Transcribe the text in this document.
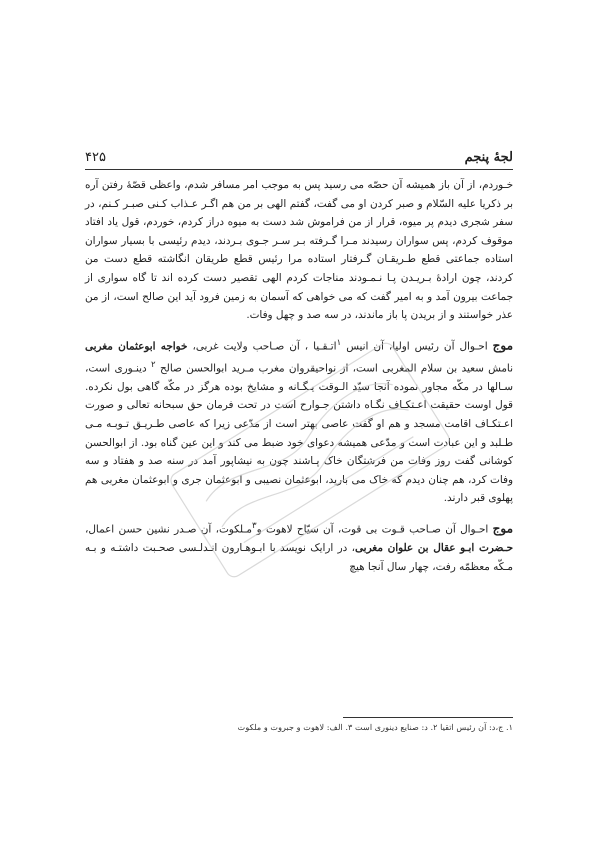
لجۀ پنجم
۴۲۵

خـوردم، از آن باز همیشه آن حصّه می رسید پس به موجب امر مسافر شدم، واعظی قصّهٔ رفتن آره بر ذکریا علیه السّلام و صبر کردن او می گفت، گفتم الهی بر من هم اگـر عـذاب کـنی صبـر کـنم، در سفر شجری دیدم پر میوه، قرار از من فراموش شد دست به میوه دراز کردم، خوردم، قول یاد افتاد موقوف کردم، پس سواران رسیدند مـرا گـرفته بـر سـر جـوی بـردند، دیدم رئیسی با بسیار سواران استاده جماعتی قطع طـریقـان گـرفتار استاده مرا رئیس قطع طریقان انگاشته قطع دست من کردند، چون ارادهٔ بـریـدن پـا نـمـودند مناجات کردم الهی تقصیر دست کرده اند تا گاه سواری از جماعت بیرون آمد و به امیر گفت که می خواهی که آسمان به زمین فرود آید این صالح است، از من عذر خواستند و از بریدن پا باز ماندند، در سه صد و چهل وفات.

موج احـوال آن رئیس اولیا، آن انیس $^۱$اتـقـیا ، آن صـاحب ولایت غربی، خواجه ابوعثمان مغربی نامش سعید بن سلام المغربی است، از نواحیقروان مغرب مـرید ابوالحسن صالح $^۲$ دینـوری است، سـالها در مکّه مجاور نموده آنجا سیّد الـوقت یـگـانه و مشایخ بوده هرگز در مکّه گاهی بول نکرده. قول اوست حقیقت اعـتکـاف نگـاه داشتن جـوارح است در تحت فرمان حق سبحانه تعالی و صورت اعـتکـاف اقامت مسجد و هم او گفت عاصی بهتر است از مدّعی زیرا که عاصی طـریـق تـوبـه مـی طـلبد و این عبادت است و مدّعی همیشه دعوای خود ضبط می کند و این عین گناه بود. از ابوالحسن کوشانی گفت روز وفات من فرشتگان خاک پـاشند چون به نیشاپور آمد در سنه صد و هفتاد و سه وفات کرد، هم چنان دیدم که خاک می بارید، ابوعثمان نصیبی و ابوعثمان جری و ابوعثمان مغربی هم پهلوی قبر دارند.

موج احـوال آن صـاحب قـوت بی قوت، آن سیّاح لاهوت و$^۳$مـلکوت، آن صـدر نشین حسن اعمال، حـضرت ابـو عقال بن علوان مغربی، در ارایک نویسد با ابـوهـارون انـدلـسی صحـبت داشتـه و بـه مـکّه معظمّه رفت، چهار سال آنجا هیچ

۱. ج،د: آن رئیس اتقیا ۲. د: صنایع دینوری است ۳. الف: لاهوت و جبروت و ملکوت
